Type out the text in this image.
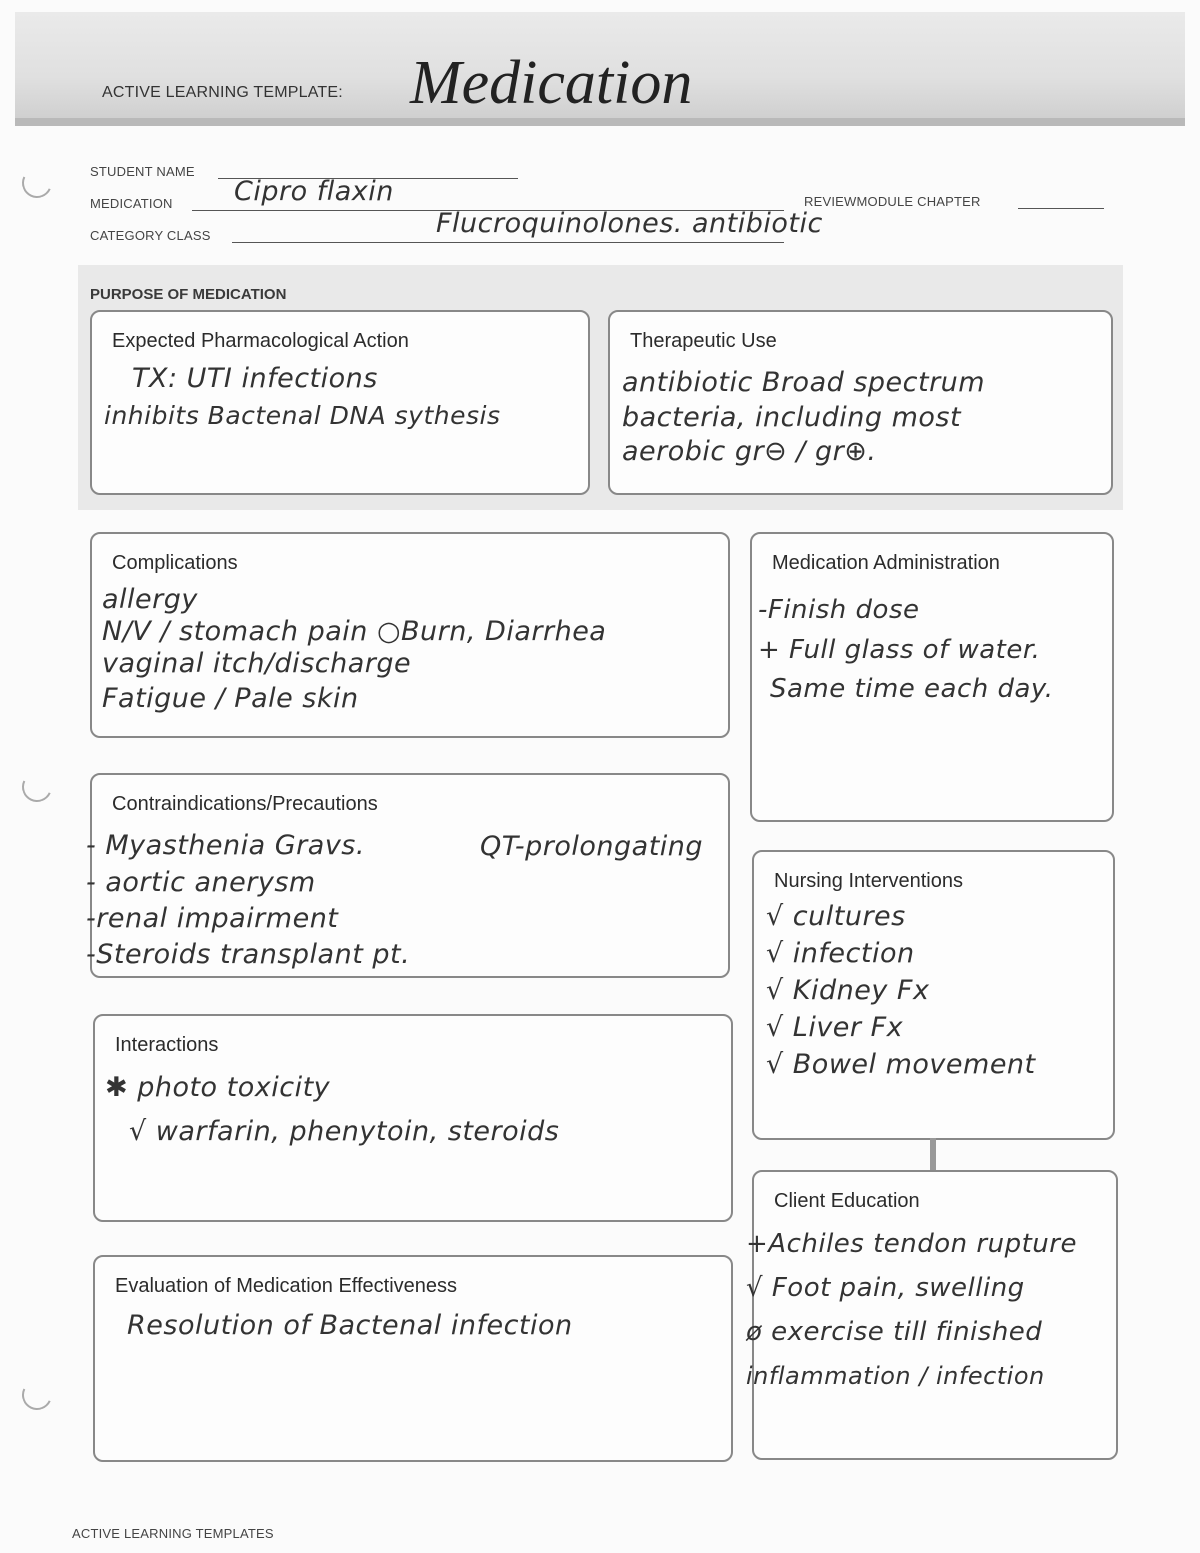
ACTIVE LEARNING TEMPLATE: Medication
STUDENT NAME
MEDICATION Cipro flaxin	REVIEWMODULE CHAPTER
CATEGORY CLASS	Flucroquinolones. antibiotic
PURPOSE OF MEDICATION
Expected Pharmacological Action
TX: UTI infections
inhibits Bactenal DNA sythesis
Therapeutic Use
antibiotic Broad spectrum
bacteria, including most
aerobic gr⊖ / gr⊕.
Complications
allergy
N/V / stomach pain ○Burn, Diarrhea
vaginal itch/discharge
Fatigue / Pale skin
Medication Administration
-Finish dose
+ Full glass of water.
Same time each day.
Contraindications/Precautions
- Myasthenia Gravs.
- aortic anerysm
-renal impairment
-Steroids transplant pt.
QT-prolongating
Nursing Interventions
√ cultures
√ infection
√ Kidney Fx
√ Liver Fx
√ Bowel movement
Interactions
✱ photo toxicity
√ warfarin, phenytoin, steroids
Client Education
+Achiles tendon rupture
√ Foot pain, swelling
ø exercise till finished
inflammation / infection
Evaluation of Medication Effectiveness
Resolution of Bactenal infection
ACTIVE LEARNING TEMPLATES
